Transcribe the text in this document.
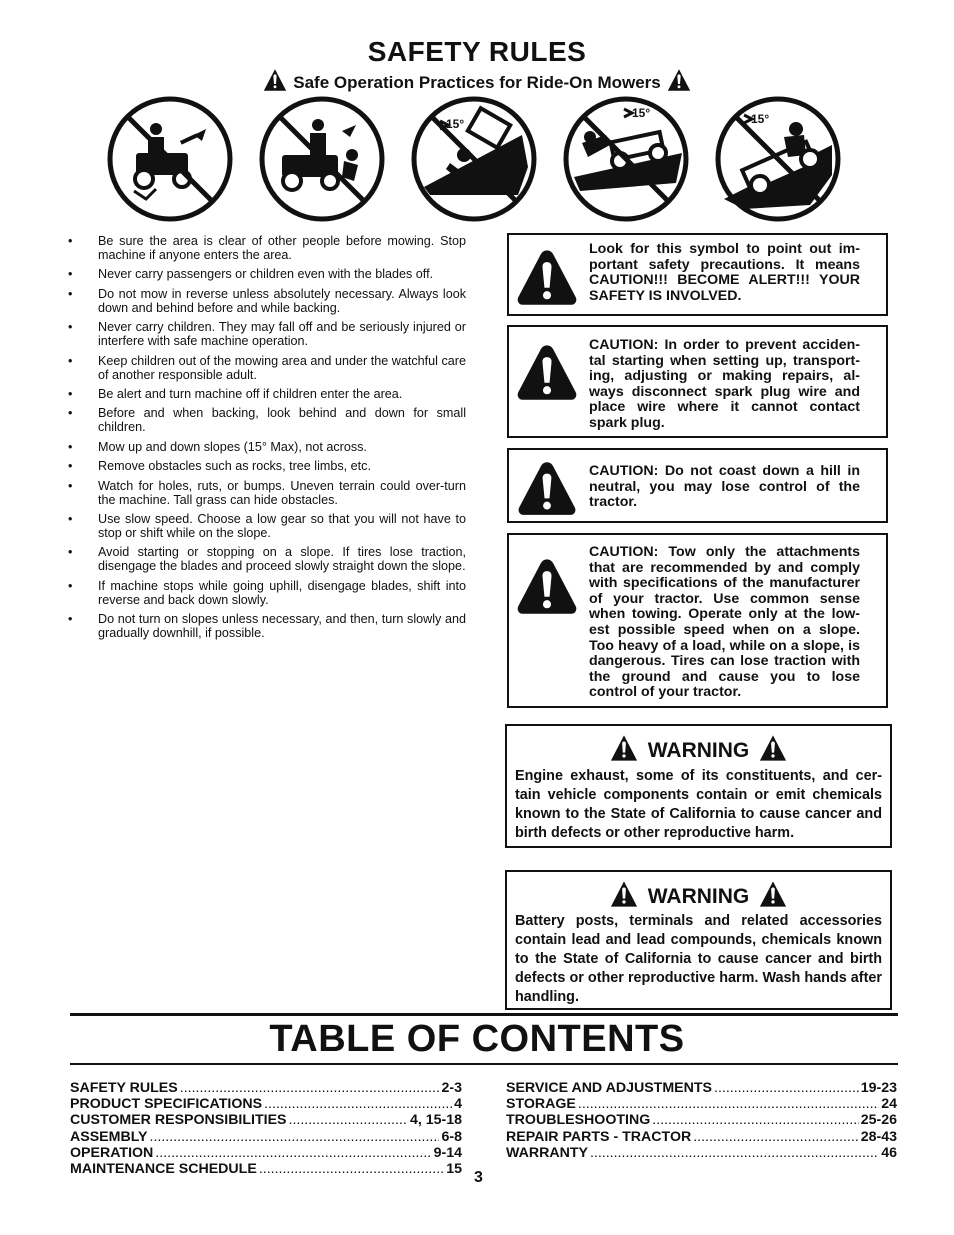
SAFETY RULES
Safe Operation Practices for Ride-On Mowers
15°
15°	15°
• Be sure the area is clear of other people before mowing. Stop machine if anyone enters the area.
• Never carry passengers or children even with the blades off.
• Do not mow in reverse unless absolutely necessary. Always look down and behind before and while backing.
• Never carry children. They may fall off and be seriously injured or interfere with safe machine operation.
• Keep children out of the mowing area and under the watchful care of another responsible adult.
• Be alert and turn machine off if children enter the area.
• Before and when backing, look behind and down for small children.
• Mow up and down slopes (15° Max), not across.
• Remove obstacles such as rocks, tree limbs, etc.
• Watch for holes, ruts, or bumps. Uneven terrain could over-turn the machine. Tall grass can hide obstacles.
• Use slow speed. Choose a low gear so that you will not have to stop or shift while on the slope.
• Avoid starting or stopping on a slope. If tires lose traction, disengage the blades and proceed slowly straight down the slope.
• If machine stops while going uphill, disengage blades, shift into reverse and back down slowly.
• Do not turn on slopes unless necessary, and then, turn slowly and gradually downhill, if possible.
Look for this symbol to point out im-portant safety precautions. It means CAUTION!!! BECOME ALERT!!! YOUR SAFETY IS INVOLVED.
CAUTION: In order to prevent acciden-tal starting when setting up, transport-ing, adjusting or making repairs, al-ways disconnect spark plug wire and place wire where it cannot contact spark plug.
CAUTION: Do not coast down a hill in neutral, you may lose control of the tractor.
CAUTION: Tow only the attachments that are recommended by and comply with specifications of the manufacturer of your tractor. Use common sense when towing. Operate only at the low-est possible speed when on a slope. Too heavy of a load, while on a slope, is dangerous. Tires can lose traction with the ground and cause you to lose control of your tractor.
WARNING
Engine exhaust, some of its constituents, and cer-tain vehicle components contain or emit chemicals known to the State of California to cause cancer and birth defects or other reproductive harm.
WARNING
Battery posts, terminals and related accessories contain lead and lead compounds, chemicals known to the State of California to cause cancer and birth defects or other reproductive harm. Wash hands after handling.
TABLE OF CONTENTS
SAFETY RULES .....	2-3
PRODUCT SPECIFICATIONS .....	4
CUSTOMER RESPONSIBILITIES .....	4, 15-18
ASSEMBLY .....	6-8
OPERATION .....	9-14
MAINTENANCE SCHEDULE .....	15
SERVICE AND ADJUSTMENTS .....	19-23
STORAGE .....	24
TROUBLESHOOTING .....	25-26
REPAIR PARTS - TRACTOR .....	28-43
WARRANTY .....	46
3
